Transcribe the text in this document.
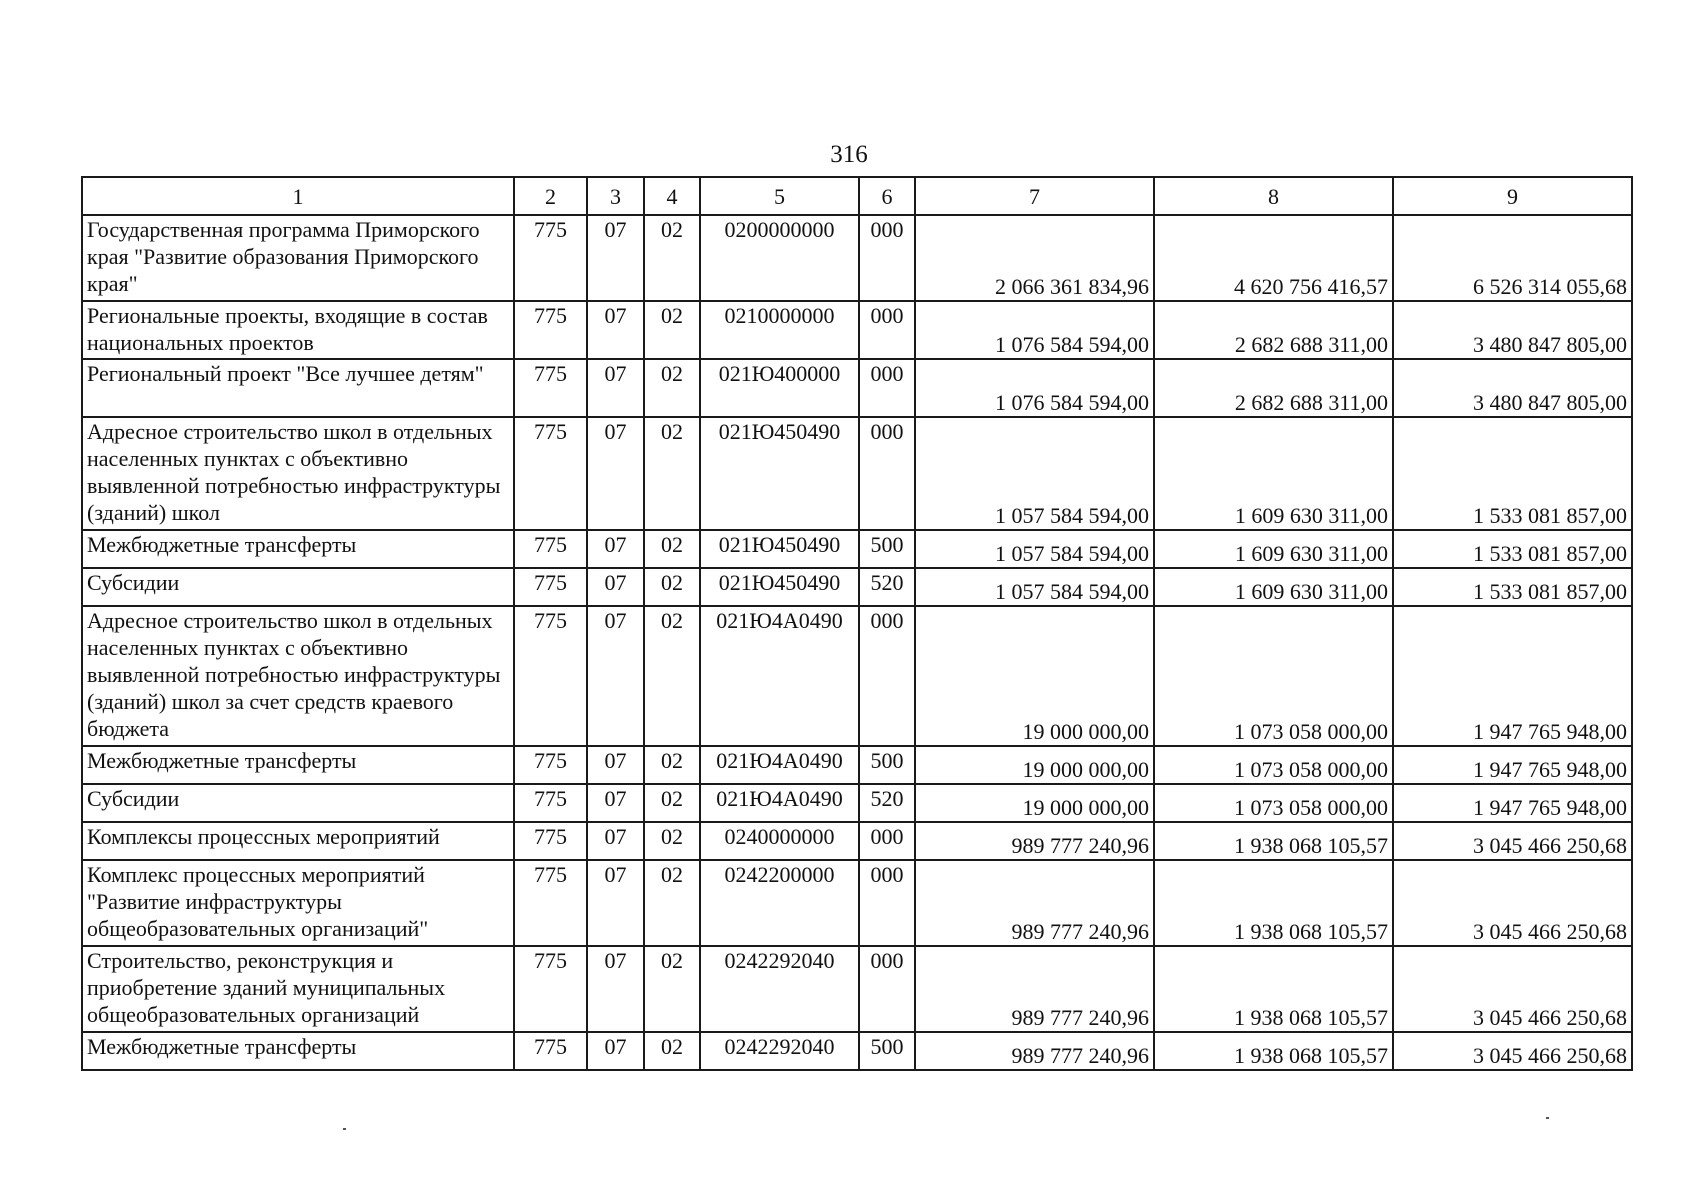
316
1	2	3	4	5	6	7	8	9
Государственная программа Приморского края "Развитие образования Приморского края"	775	07	02	0200000000	000	2 066 361 834,96	4 620 756 416,57	6 526 314 055,68
Региональные проекты, входящие в состав национальных проектов	775	07	02	0210000000	000	1 076 584 594,00	2 682 688 311,00	3 480 847 805,00
Региональный проект "Все лучшее детям"	775	07	02	021Ю400000	000	1 076 584 594,00	2 682 688 311,00	3 480 847 805,00
Адресное строительство школ в отдельных населенных пунктах с объективно выявленной потребностью инфраструктуры (зданий) школ	775	07	02	021Ю450490	000	1 057 584 594,00	1 609 630 311,00	1 533 081 857,00
Межбюджетные трансферты	775	07	02	021Ю450490	500	1 057 584 594,00	1 609 630 311,00	1 533 081 857,00
Субсидии	775	07	02	021Ю450490	520	1 057 584 594,00	1 609 630 311,00	1 533 081 857,00
Адресное строительство школ в отдельных населенных пунктах с объективно выявленной потребностью инфраструктуры (зданий) школ за счет средств краевого бюджета	775	07	02	021Ю4А0490	000	19 000 000,00	1 073 058 000,00	1 947 765 948,00
Межбюджетные трансферты	775	07	02	021Ю4А0490	500	19 000 000,00	1 073 058 000,00	1 947 765 948,00
Субсидии	775	07	02	021Ю4А0490	520	19 000 000,00	1 073 058 000,00	1 947 765 948,00
Комплексы процессных мероприятий	775	07	02	0240000000	000	989 777 240,96	1 938 068 105,57	3 045 466 250,68
Комплекс процессных мероприятий "Развитие инфраструктуры общеобразовательных организаций"	775	07	02	0242200000	000	989 777 240,96	1 938 068 105,57	3 045 466 250,68
Строительство, реконструкция и приобретение зданий муниципальных общеобразовательных организаций	775	07	02	0242292040	000	989 777 240,96	1 938 068 105,57	3 045 466 250,68
Межбюджетные трансферты	775	07	02	0242292040	500	989 777 240,96	1 938 068 105,57	3 045 466 250,68
